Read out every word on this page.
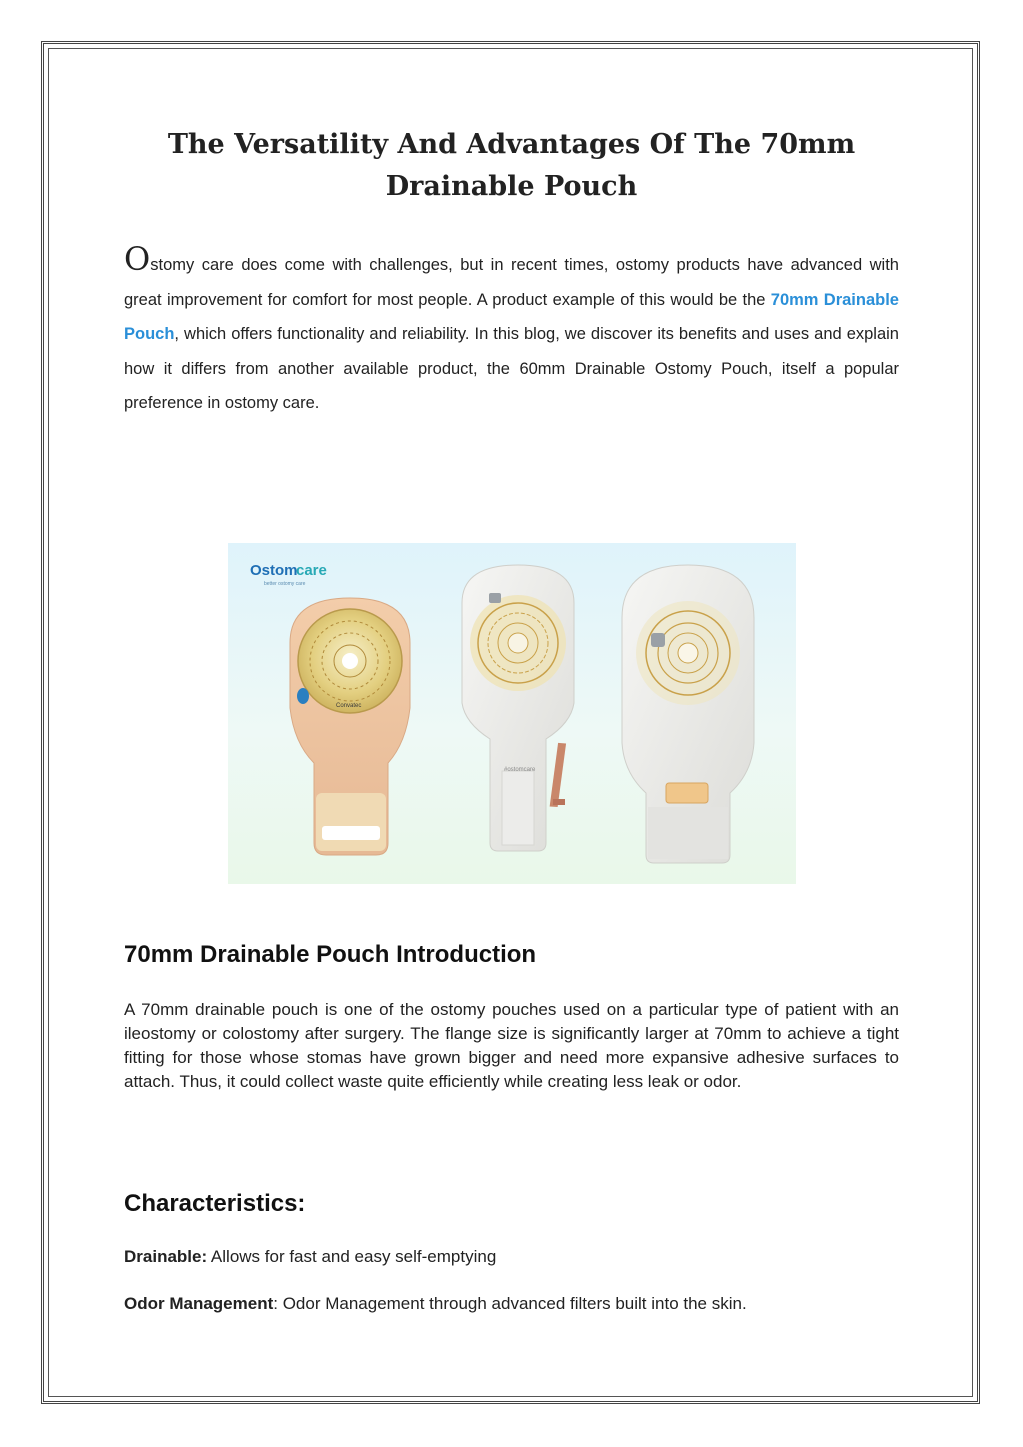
The Versatility And Advantages Of The 70mm Drainable Pouch

Ostomy care does come with challenges, but in recent times, ostomy products have advanced with great improvement for comfort for most people. A product example of this would be the 70mm Drainable Pouch, which offers functionality and reliability. In this blog, we discover its benefits and uses and explain how it differs from another available product, the 60mm Drainable Ostomy Pouch, itself a popular preference in ostomy care.

Ostom
care
better ostomy care
Convatec
#ostomcare
70mm Drainable Pouch Introduction

A 70mm drainable pouch is one of the ostomy pouches used on a particular type of patient with an ileostomy or colostomy after surgery. The flange size is significantly larger at 70mm to achieve a tight fitting for those whose stomas have grown bigger and need more expansive adhesive surfaces to attach. Thus, it could collect waste quite efficiently while creating less leak or odor.

Characteristics:

Drainable: Allows for fast and easy self-emptying

Odor Management: Odor Management through advanced filters built into the skin.
